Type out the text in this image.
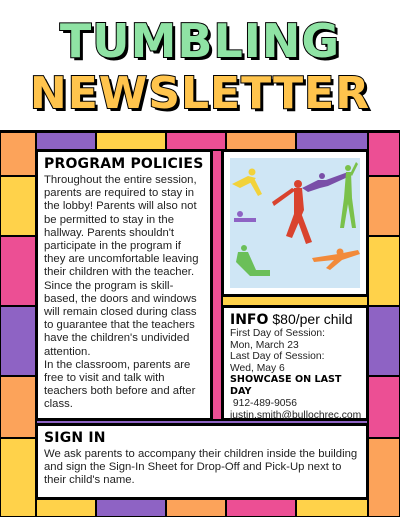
TUMBLING
NEWSLETTER
PROGRAM POLICIES

Throughout the entire session, parents are required to stay in the lobby! Parents will also not be permitted to stay in the hallway. Parents shouldn't participate in the program if they are uncomfortable leaving their children with the teacher.

Since the program is skill-based, the doors and windows will remain closed during class to guarantee that the teachers have the children's undivided attention.

In the classroom, parents are free to visit and talk with teachers both before and after class.

INFO $80/per child
First Day of Session:
Mon, March 23
Last Day of Session:
Wed, May 6
SHOWCASE ON LAST DAY
912-489-9056
justin.smith@bullochrec.com
SIGN IN

We ask parents to accompany their children inside the building and sign the Sign-In Sheet for Drop-Off and Pick-Up next to their child's name.
